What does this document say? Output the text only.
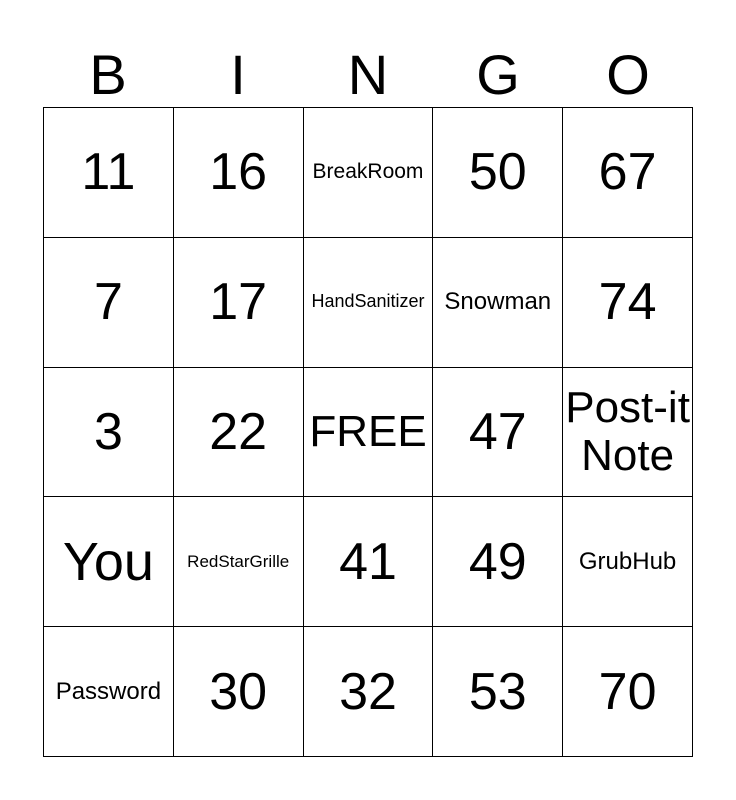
B	I	N	G	O
11 16 BreakRoom 50 67
7 17 HandSanitizer Snowman 74
3 22 FREE 47 Post-itNote
You RedStarGrille 41 49 GrubHub
Password 30 32 53 70
